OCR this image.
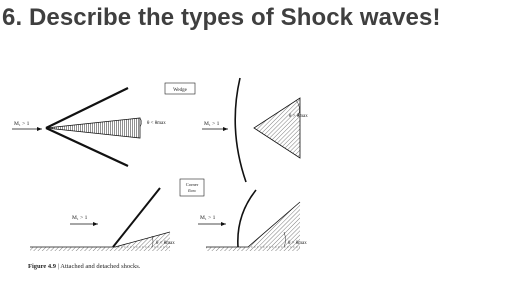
6. Describe the types of Shock waves!
M₁ > 1	θ < θmax
Wedge
M₁ > 1
θ > θmax
Corner
flow
M₁ > 1
θ < θmax
M₁ > 1
θ > θmax
Figure 4.9 | Attached and detached shocks.
